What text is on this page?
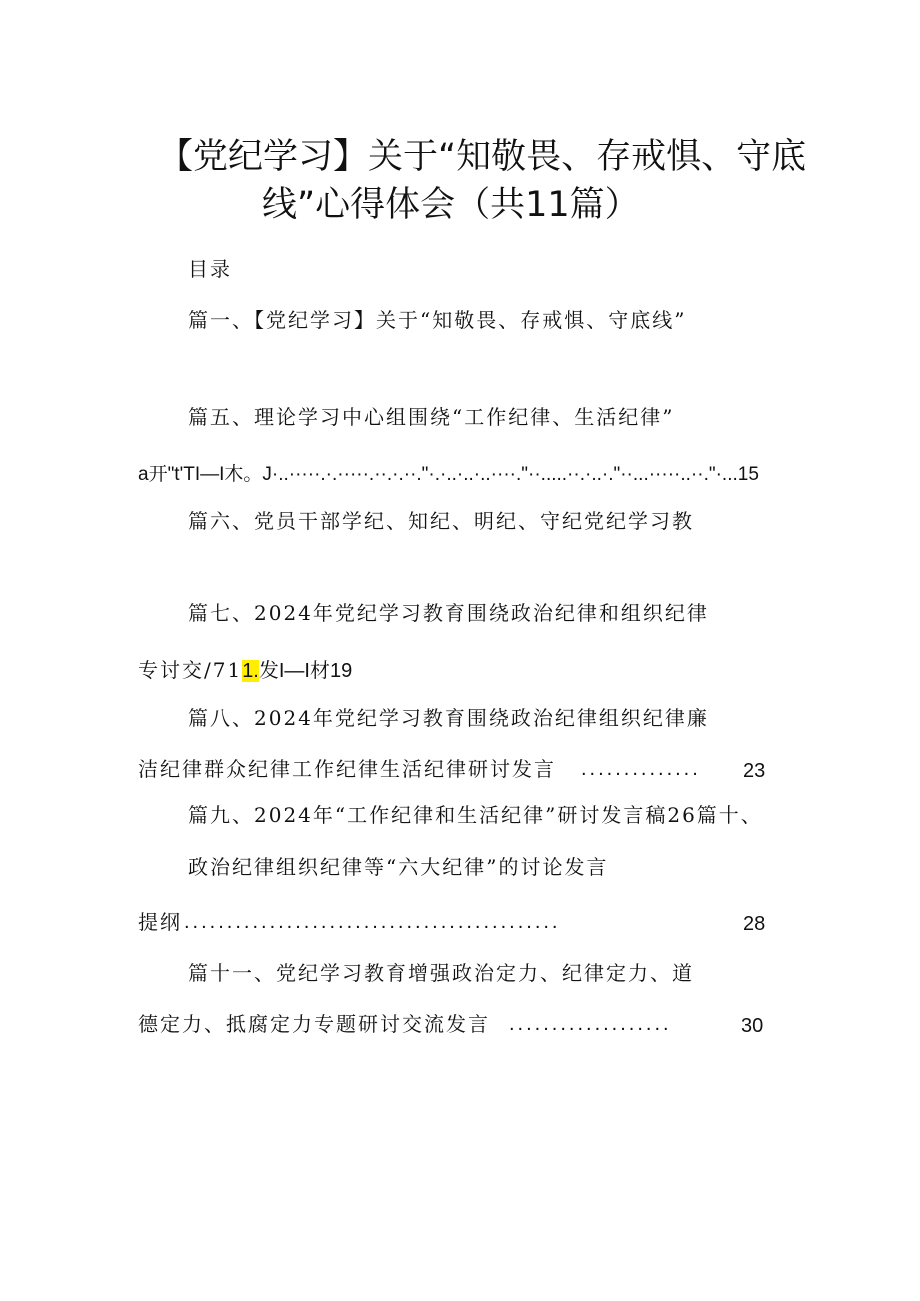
【党纪学习】关于“知敬畏、存戒惧、守底
线”心得体会（共11篇）
目录
篇一、【党纪学习】关于“知敬畏、存戒惧、守底线”
篇五、理论学习中心组围绕“工作纪律、生活纪律”
a开"t'TI—I木。J·..·····.·.·····.··.·.··."·.·..·..·..····."··.....··.·..·."··...·····..··."·...15
篇六、党员干部学纪、知纪、明纪、守纪党纪学习教
篇七、2024年党纪学习教育围绕政治纪律和组织纪律
专讨交/711.发I—I材19
篇八、2024年党纪学习教育围绕政治纪律组织纪律廉
洁纪律群众纪律工作纪律生活纪律研讨发言 .............. 23
篇九、2024年“工作纪律和生活纪律”研讨发言稿26篇十、
政治纪律组织纪律等“六大纪律”的讨论发言
提纲 ............................................	28
篇十一、党纪学习教育增强政治定力、纪律定力、道
德定力、抵腐定力专题研讨交流发言 ...................	30
